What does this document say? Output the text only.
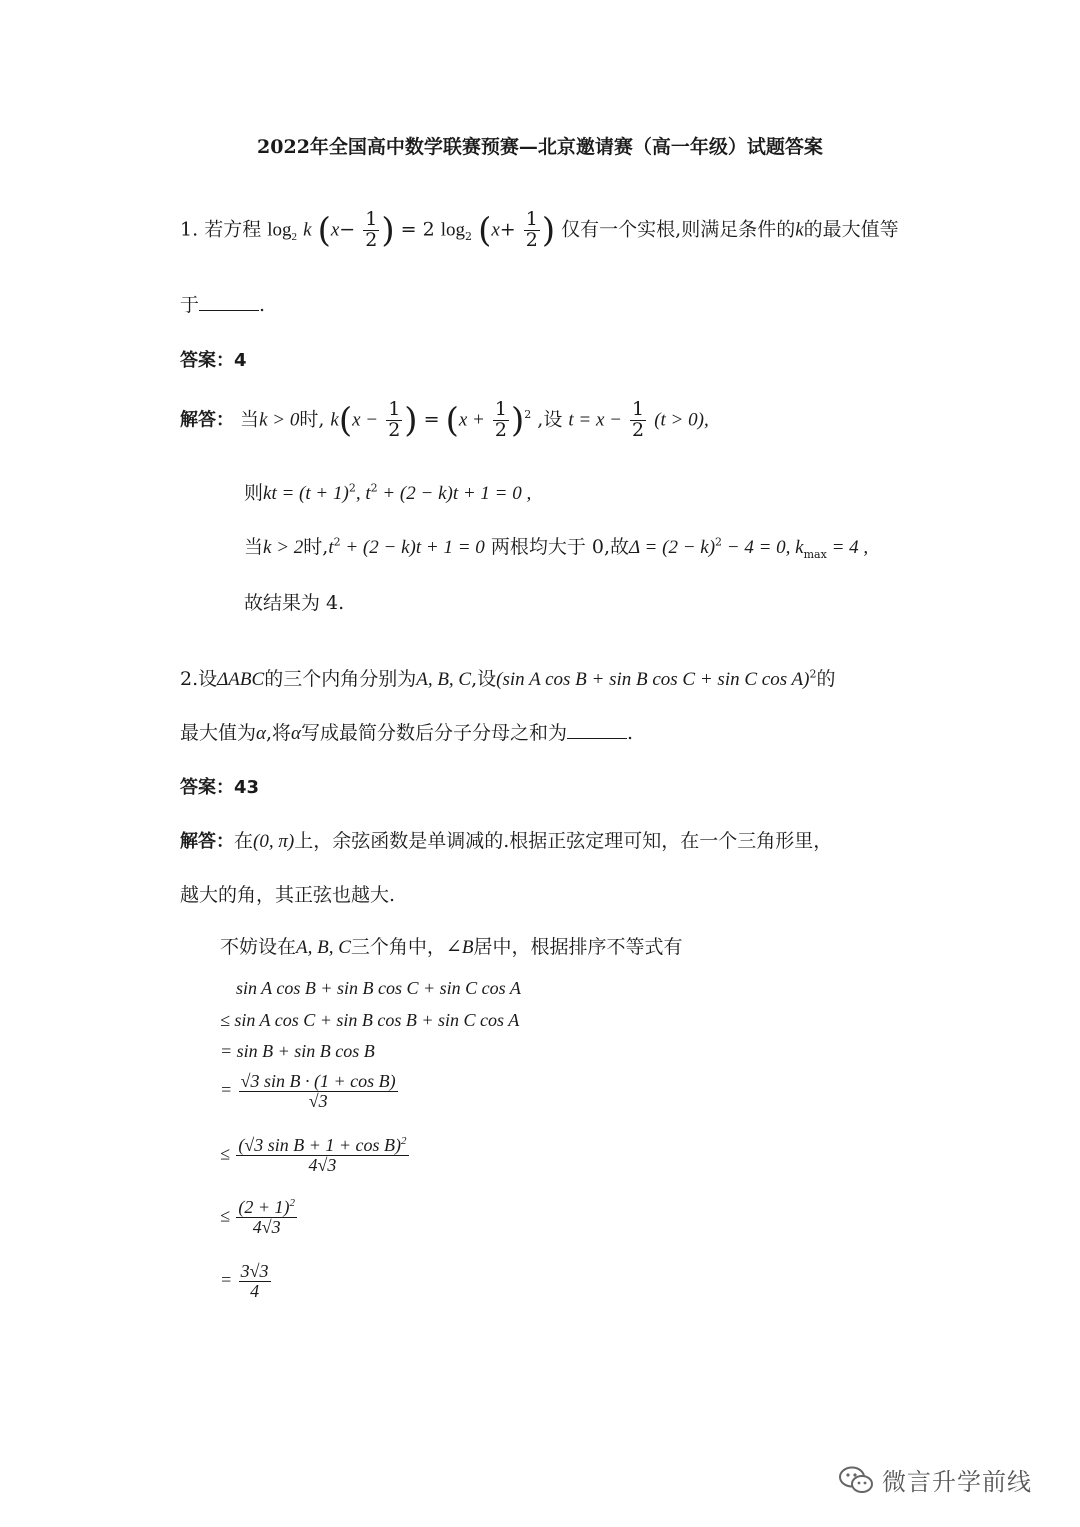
2022年全国高中数学联赛预赛—北京邀请赛（高一年级）试题答案
1. 若方程 $\log_2 k$ ($x- \frac{1}{2}$ ) = 2 $\log_2 (x+ \frac{1}{2}$ ) 仅有一个实根,则满足条件的k的最大值等
于	.
答案：4
解答： 当k > 0时, $k(x - \frac{1}{2}$ ) = $(x + \frac{1}{2} )^2$ ,设 $t = x - \frac{1}{2} (t > 0)$,
则kt = $(t + 1)^2$, $t^2 + (2 - k)t + 1 = 0$ ,
当k > 2时$,t^2 + (2 - k)t + 1 = 0$ 两根均大于 0,故$\Delta = (2 - k)^2 - 4 = 0$, $k_{max} = 4$ ,
故结果为 4.
2.设ΔABC的三个内角分别为A, B, C,设(sin A cos B + sin B cos C + sin C cos A)$^2$的
最大值为α,将α写成最简分数后分子分母之和为	.
答案：43
解答：在(0, π)上，余弦函数是单调减的.根据正弦定理可知，在一个三角形里，
越大的角，其正弦也越大.
不妨设在A, B, C三个角中，∠B居中，根据排序不等式有
sin A cos B + sin B cos C + sin C cos A
≤ sin A cos C + sin B cos B + sin C cos A
= sin B + sin B cos B
= $\frac{\text{√3 sin B · (1 + cos B)}}{√3}$
≤ $\frac{(√3 \sin B + 1 + \cos B)^2}{4√3}$
≤ $\frac{(2 + 1)^2}{4√3}$
= $\frac{3√3}{4}$
微言升学前线
